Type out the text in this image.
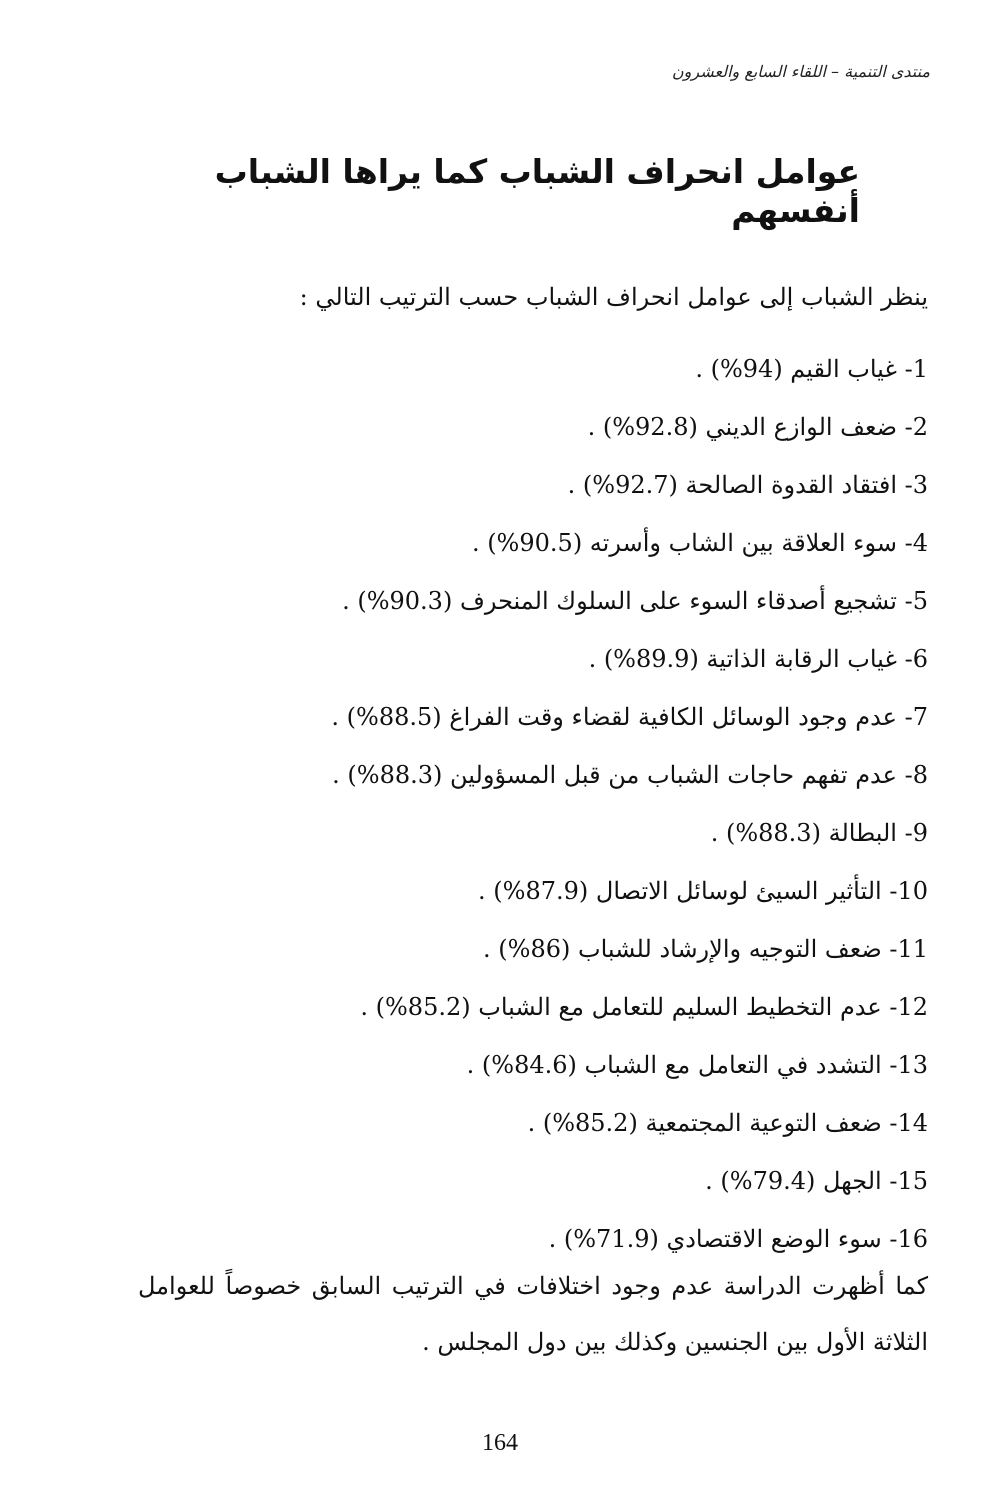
منتدى التنمية – اللقاء السابع والعشرون
عوامل انحراف الشباب كما يراها الشباب أنفسهم

ينظر الشباب إلى عوامل انحراف الشباب حسب الترتيب التالي :

1- غياب القيم (94%) .
2- ضعف الوازع الديني (92.8%) .
3- افتقاد القدوة الصالحة (92.7%) .
4- سوء العلاقة بين الشاب وأسرته (90.5%) .
5- تشجيع أصدقاء السوء على السلوك المنحرف (90.3%) .
6- غياب الرقابة الذاتية (89.9%) .
7- عدم وجود الوسائل الكافية لقضاء وقت الفراغ (88.5%) .
8- عدم تفهم حاجات الشباب من قبل المسؤولين (88.3%) .
9- البطالة (88.3%) .
10- التأثير السيئ لوسائل الاتصال (87.9%) .
11- ضعف التوجيه والإرشاد للشباب (86%) .
12- عدم التخطيط السليم للتعامل مع الشباب (85.2%) .
13- التشدد في التعامل مع الشباب (84.6%) .
14- ضعف التوعية المجتمعية (85.2%) .
15- الجهل (79.4%) .
16- سوء الوضع الاقتصادي (71.9%) .

كما أظهرت الدراسة عدم وجود اختلافات في الترتيب السابق خصوصاً للعوامل الثلاثة الأول بين الجنسين وكذلك بين دول المجلس .

164
